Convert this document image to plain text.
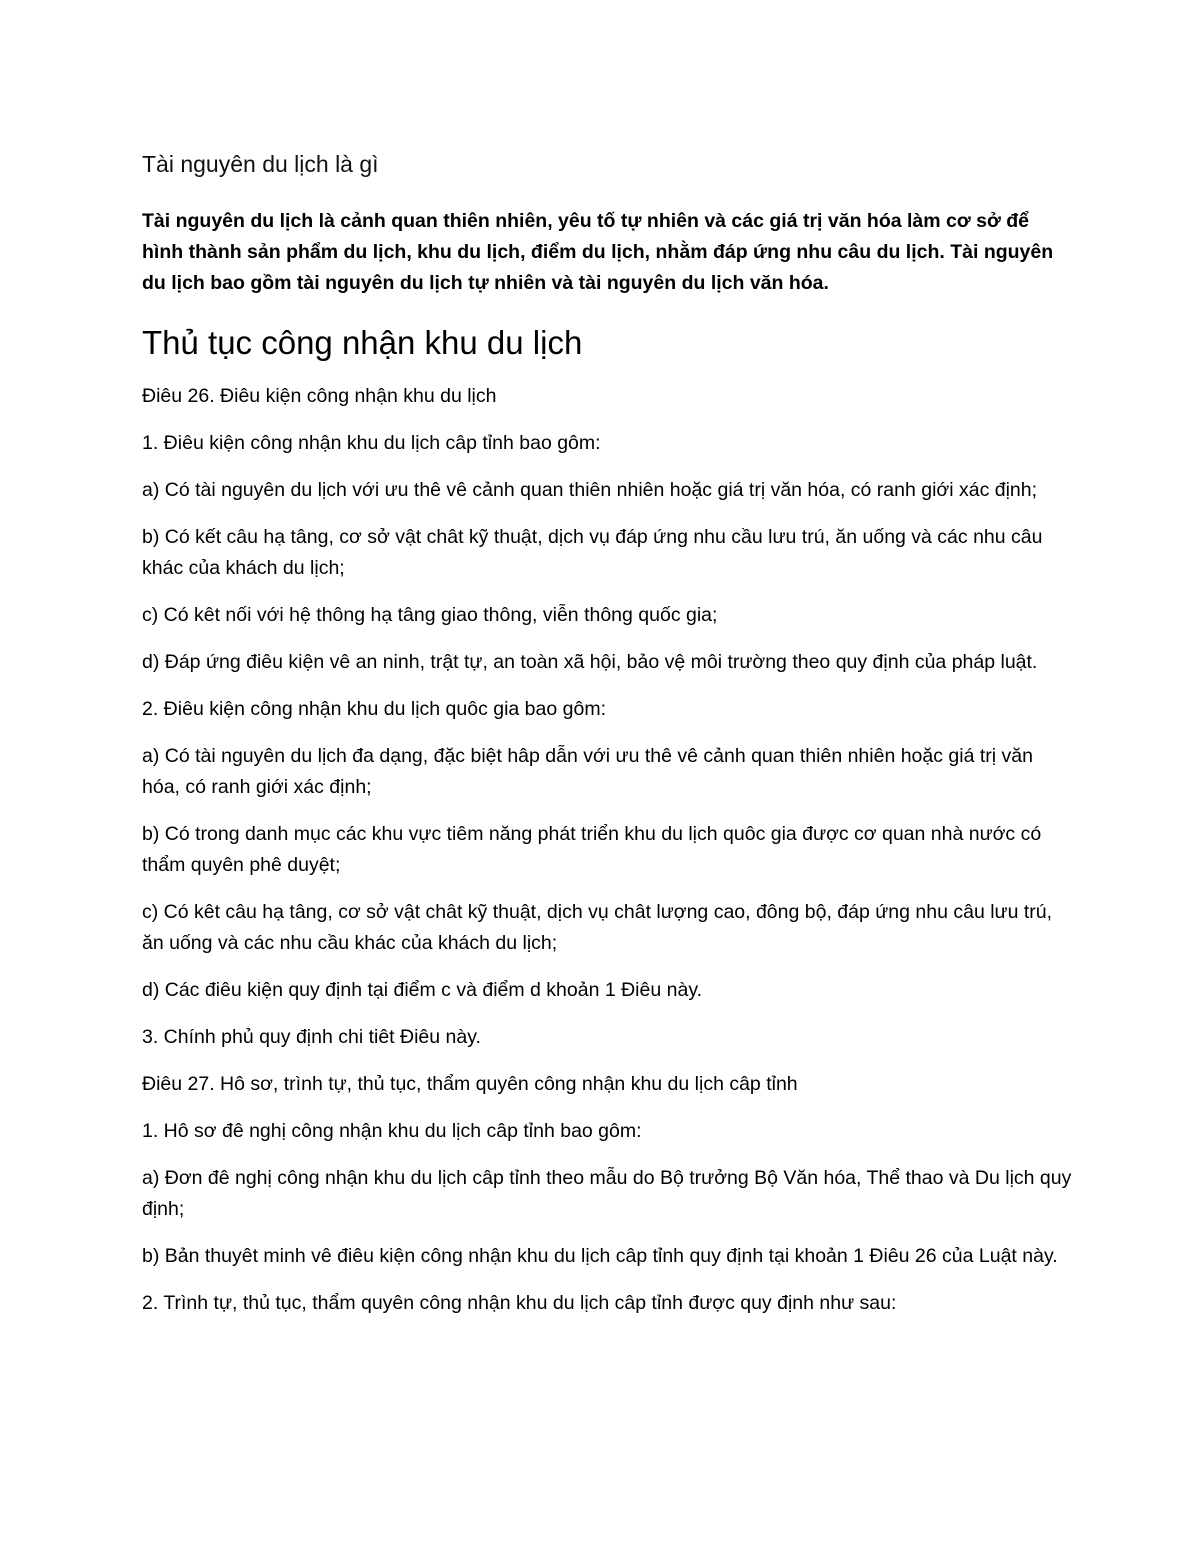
Tài nguyên du lịch là gì
Tài nguyên du lịch là cảnh quan thiên nhiên, yêu tố tự nhiên và các giá trị văn hóa làm cơ sở để hình thành sản phẩm du lịch, khu du lịch, điểm du lịch, nhằm đáp ứng nhu câu du lịch. Tài nguyên du lịch bao gồm tài nguyên du lịch tự nhiên và tài nguyên du lịch văn hóa.
Thủ tục công nhận khu du lịch
Điêu 26. Điêu kiện công nhận khu du lịch
1. Điêu kiện công nhận khu du lịch câp tỉnh bao gôm:
a) Có tài nguyên du lịch với ưu thê vê cảnh quan thiên nhiên hoặc giá trị văn hóa, có ranh giới xác định;
b) Có kết câu hạ tâng, cơ sở vật chât kỹ thuật, dịch vụ đáp ứng nhu cầu lưu trú, ăn uống và các nhu câu khác của khách du lịch;
c) Có kêt nối với hệ thông hạ tâng giao thông, viễn thông quốc gia;
d) Đáp ứng điêu kiện vê an ninh, trật tự, an toàn xã hội, bảo vệ môi trường theo quy định của pháp luật.
2. Điêu kiện công nhận khu du lịch quôc gia bao gôm:
a) Có tài nguyên du lịch đa dạng, đặc biệt hâp dẫn với ưu thê vê cảnh quan thiên nhiên hoặc giá trị văn hóa, có ranh giới xác định;
b) Có trong danh mục các khu vực tiêm năng phát triển khu du lịch quôc gia được cơ quan nhà nước có thẩm quyên phê duyệt;
c) Có kêt câu hạ tâng, cơ sở vật chât kỹ thuật, dịch vụ chât lượng cao, đông bộ, đáp ứng nhu câu lưu trú, ăn uống và các nhu cầu khác của khách du lịch;
d) Các điêu kiện quy định tại điểm c và điểm d khoản 1 Điêu này.
3. Chính phủ quy định chi tiêt Điêu này.
Điêu 27. Hô sơ, trình tự, thủ tục, thẩm quyên công nhận khu du lịch câp tỉnh
1. Hô sơ đê nghị công nhận khu du lịch câp tỉnh bao gôm:
a) Đơn đê nghị công nhận khu du lịch câp tỉnh theo mẫu do Bộ trưởng Bộ Văn hóa, Thể thao và Du lịch quy định;
b) Bản thuyêt minh vê điêu kiện công nhận khu du lịch câp tỉnh quy định tại khoản 1 Điêu 26 của Luật này.
2. Trình tự, thủ tục, thẩm quyên công nhận khu du lịch câp tỉnh được quy định như sau:
